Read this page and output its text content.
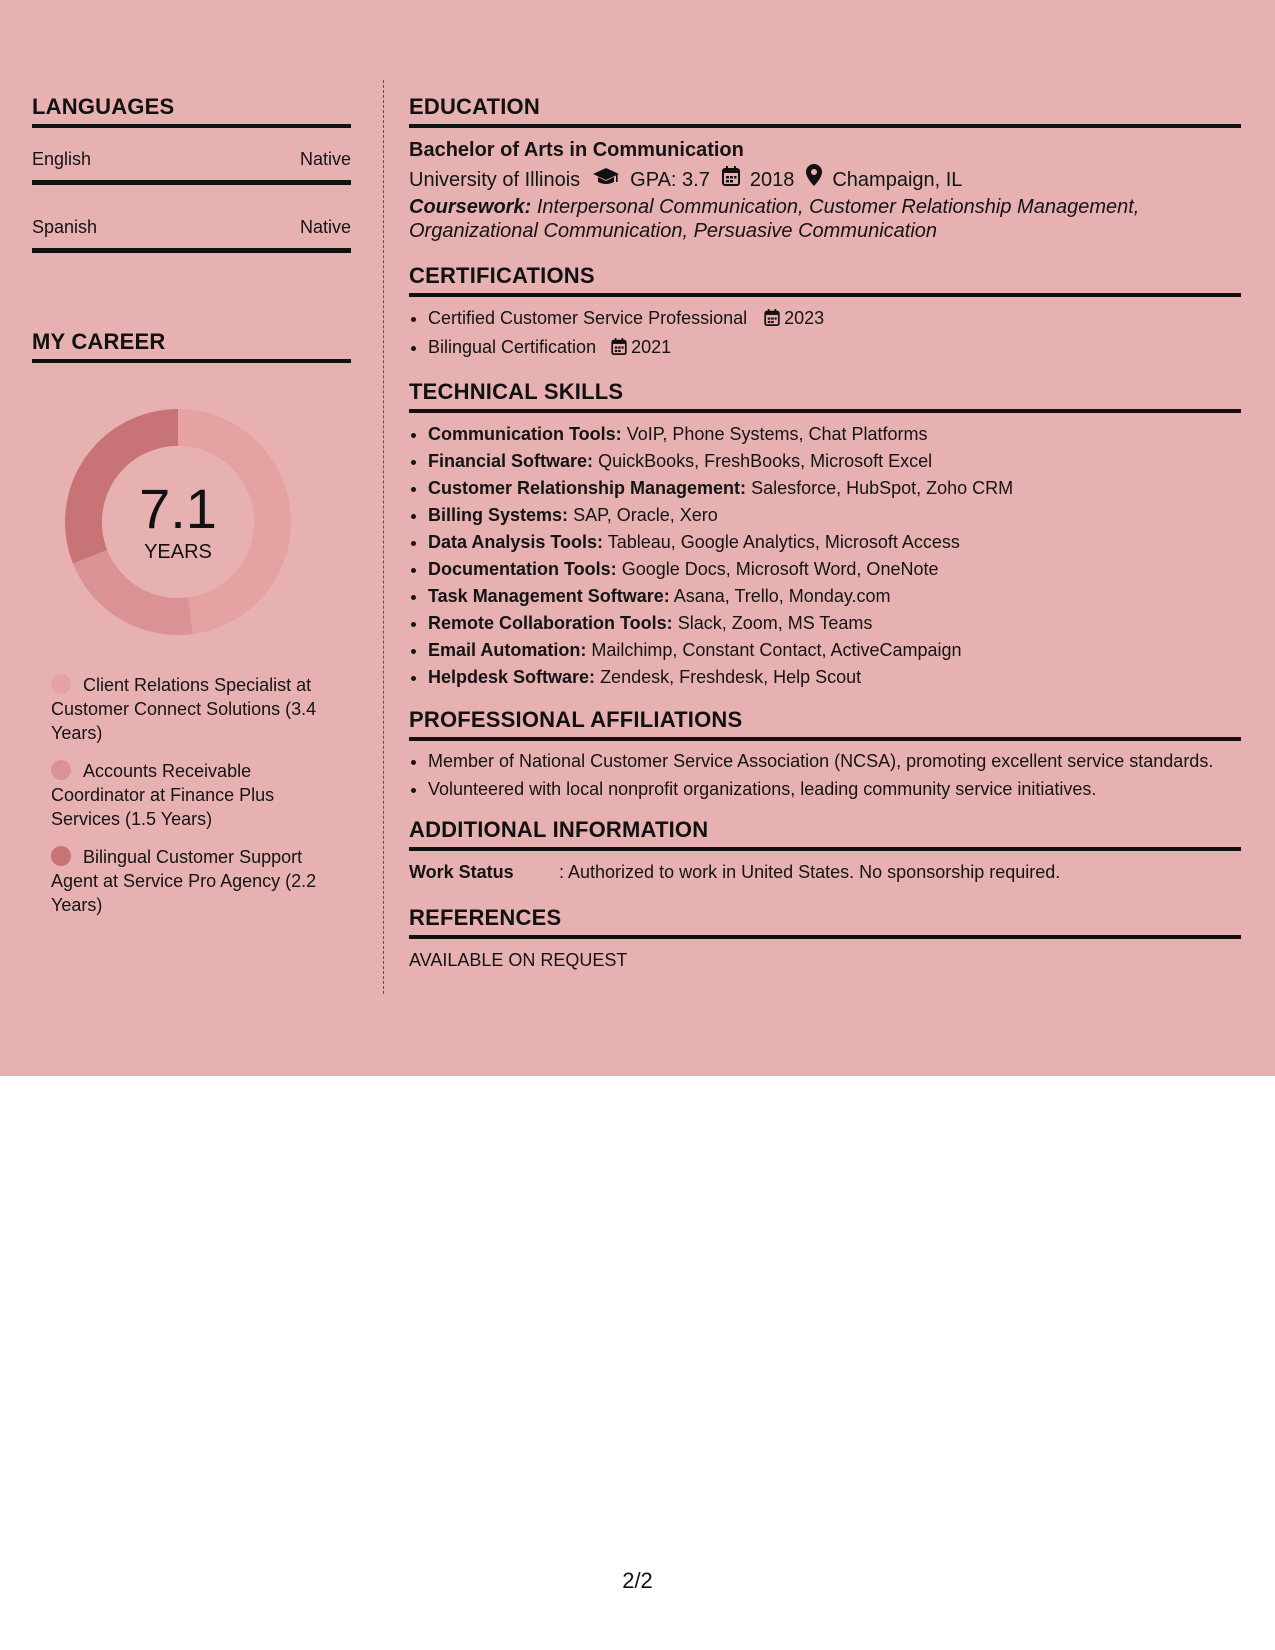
LANGUAGES
English	Native
Spanish	Native
MY CAREER
7.1
YEARS
Client Relations Specialist at Customer Connect Solutions (3.4 Years)
Accounts Receivable Coordinator at Finance Plus Services (1.5 Years)
Bilingual Customer Support Agent at Service Pro Agency (2.2 Years)
EDUCATION
Bachelor of Arts in Communication
University of Illinois	GPA: 3.7 2018 Champaign, IL
Coursework: Interpersonal Communication, Customer Relationship Management, Organizational Communication, Persuasive Communication
CERTIFICATIONS
• Certified Customer Service Professional 2023
• Bilingual Certification 2021
TECHNICAL SKILLS
• Communication Tools: VoIP, Phone Systems, Chat Platforms
• Financial Software: QuickBooks, FreshBooks, Microsoft Excel
• Customer Relationship Management: Salesforce, HubSpot, Zoho CRM
• Billing Systems: SAP, Oracle, Xero
• Data Analysis Tools: Tableau, Google Analytics, Microsoft Access
• Documentation Tools: Google Docs, Microsoft Word, OneNote
• Task Management Software: Asana, Trello, Monday.com
• Remote Collaboration Tools: Slack, Zoom, MS Teams
• Email Automation: Mailchimp, Constant Contact, ActiveCampaign
• Helpdesk Software: Zendesk, Freshdesk, Help Scout
PROFESSIONAL AFFILIATIONS
• Member of National Customer Service Association (NCSA), promoting excellent service standards.
• Volunteered with local nonprofit organizations, leading community service initiatives.
ADDITIONAL INFORMATION
Work Status	: Authorized to work in United States. No sponsorship required.
REFERENCES
AVAILABLE ON REQUEST
2/2
